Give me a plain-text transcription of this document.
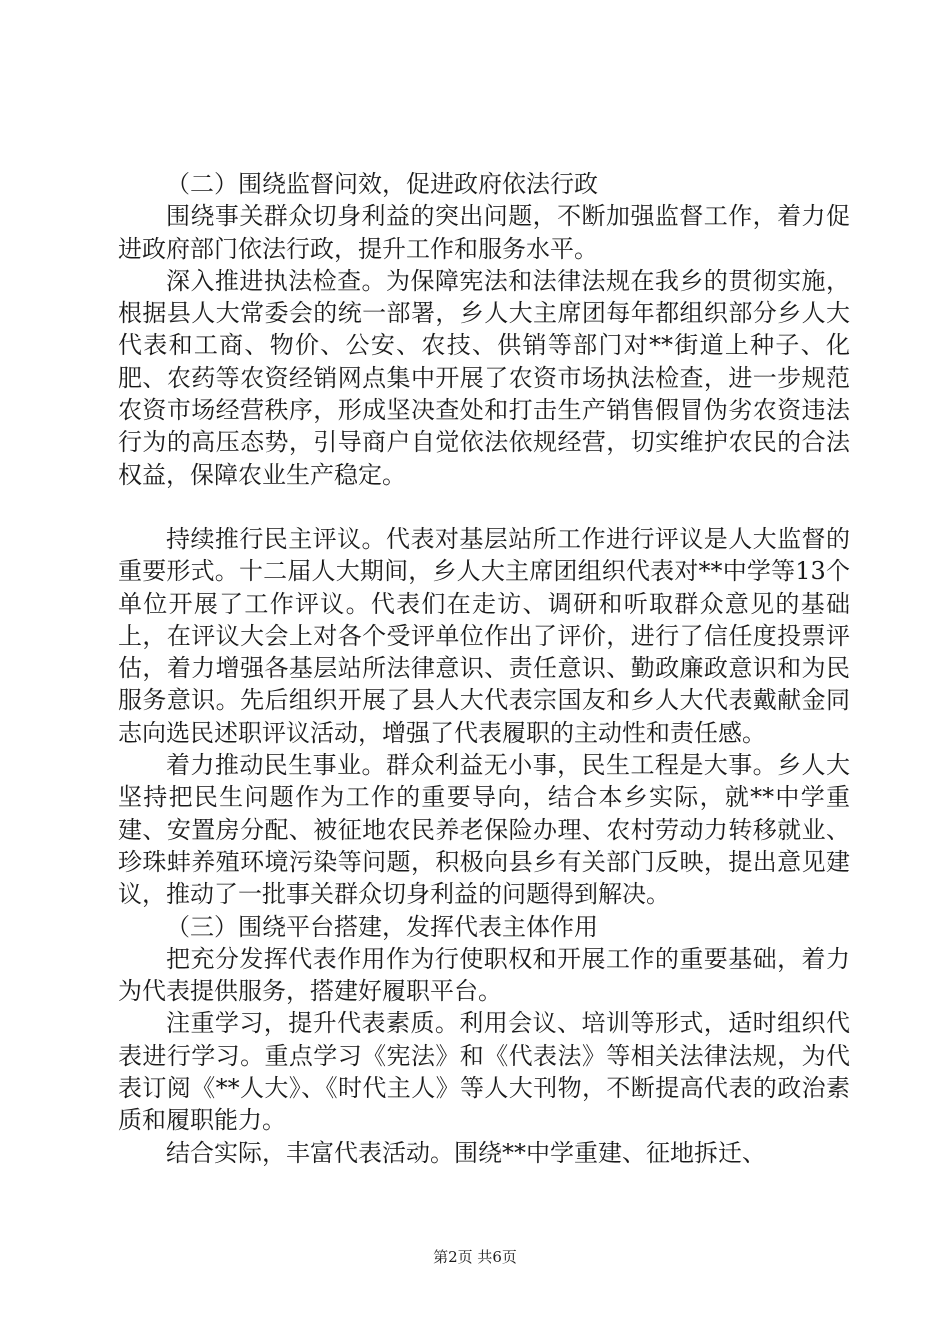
（二）围绕监督问效，促进政府依法行政

围绕事关群众切身利益的突出问题，不断加强监督工作，着力促进政府部门依法行政，提升工作和服务水平。

深入推进执法检查。为保障宪法和法律法规在我乡的贯彻实施，根据县人大常委会的统一部署，乡人大主席团每年都组织部分乡人大代表和工商、物价、公安、农技、供销等部门对**街道上种子、化肥、农药等农资经销网点集中开展了农资市场执法检查，进一步规范农资市场经营秩序，形成坚决查处和打击生产销售假冒伪劣农资违法行为的高压态势，引导商户自觉依法依规经营，切实维护农民的合法权益，保障农业生产稳定。

持续推行民主评议。代表对基层站所工作进行评议是人大监督的重要形式。十二届人大期间，乡人大主席团组织代表对**中学等13个单位开展了工作评议。代表们在走访、调研和听取群众意见的基础上，在评议大会上对各个受评单位作出了评价，进行了信任度投票评估，着力增强各基层站所法律意识、责任意识、勤政廉政意识和为民服务意识。先后组织开展了县人大代表宗国友和乡人大代表戴献金同志向选民述职评议活动，增强了代表履职的主动性和责任感。

着力推动民生事业。群众利益无小事，民生工程是大事。乡人大坚持把民生问题作为工作的重要导向，结合本乡实际，就**中学重建、安置房分配、被征地农民养老保险办理、农村劳动力转移就业、珍珠蚌养殖环境污染等问题，积极向县乡有关部门反映，提出意见建议，推动了一批事关群众切身利益的问题得到解决。

（三）围绕平台搭建，发挥代表主体作用

把充分发挥代表作用作为行使职权和开展工作的重要基础，着力为代表提供服务，搭建好履职平台。

注重学习，提升代表素质。利用会议、培训等形式，适时组织代表进行学习。重点学习《宪法》和《代表法》等相关法律法规，为代表订阅《**人大》、《时代主人》等人大刊物，不断提高代表的政治素质和履职能力。

结合实际，丰富代表活动。围绕**中学重建、征地拆迁、

第2页 共6页
